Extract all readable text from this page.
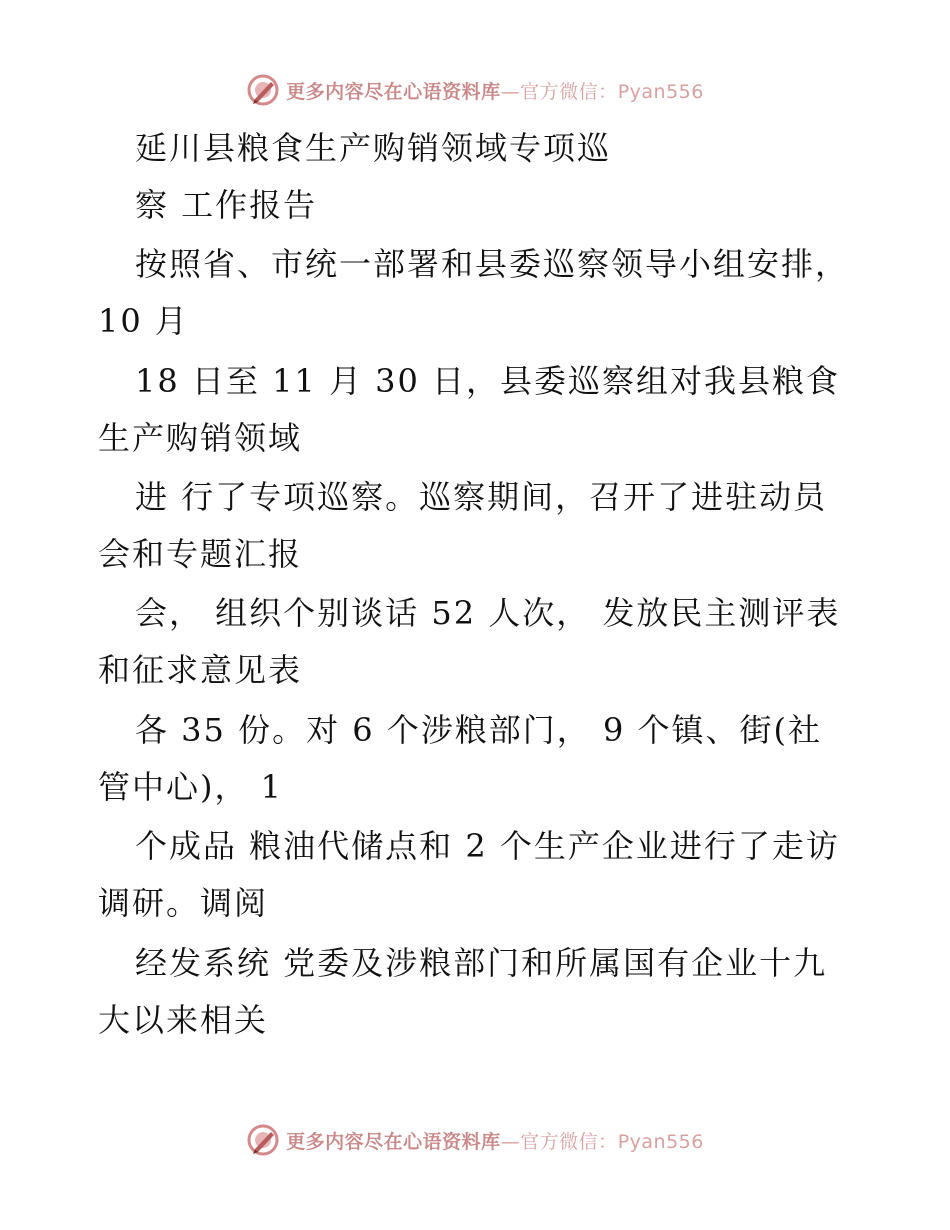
更多内容尽在心语资料库—官方微信：Pyan556
延川县粮食生产购销领域专项巡
察 工作报告
按照省、市统一部署和县委巡察领导小组安排，
10 月
18 日至 11 月 30 日，县委巡察组对我县粮食
生产购销领域
进 行了专项巡察。巡察期间，召开了进驻动员
会和专题汇报
会， 组织个别谈话 52 人次， 发放民主测评表
和征求意见表
各 35 份。对 6 个涉粮部门， 9 个镇、街(社
管中心)， 1
个成品 粮油代储点和 2 个生产企业进行了走访
调研。调阅
经发系统 党委及涉粮部门和所属国有企业十九
大以来相关
更多内容尽在心语资料库—官方微信：Pyan556
